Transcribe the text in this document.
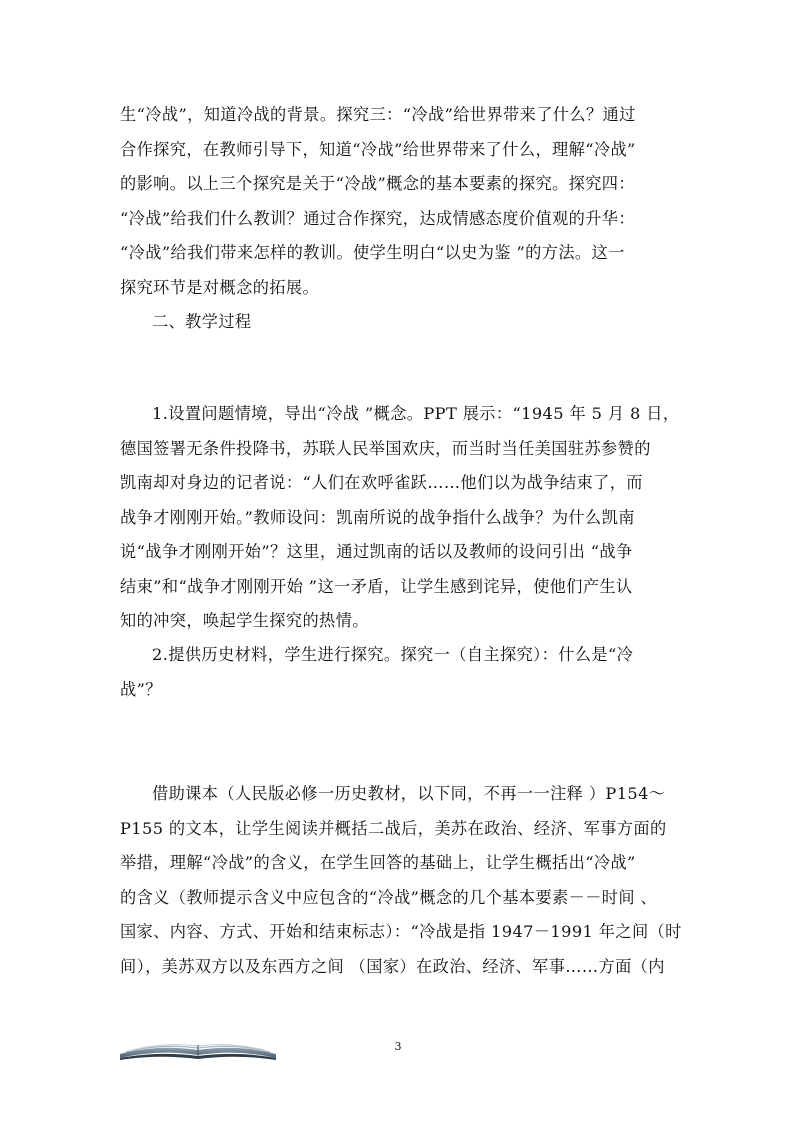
生“冷战”，知道冷战的背景。探究三：“冷战”给世界带来了什么？通过
合作探究，在教师引导下，知道“冷战”给世界带来了什么，理解“冷战”
的影响。以上三个探究是关于“冷战”概念的基本要素的探究。探究四：
“冷战”给我们什么教训？通过合作探究，达成情感态度价值观的升华：
“冷战”给我们带来怎样的教训。使学生明白“以史为鉴 ”的方法。这一
探究环节是对概念的拓展。

二、教学过程

1.设置问题情境，导出“冷战 ”概念。PPT 展示：“1945 年 5 月 8 日，
德国签署无条件投降书，苏联人民举国欢庆，而当时当任美国驻苏参赞的
凯南却对身边的记者说：“人们在欢呼雀跃……他们以为战争结束了，而
战争才刚刚开始。”教师设问：凯南所说的战争指什么战争？为什么凯南
说“战争才刚刚开始”？这里，通过凯南的话以及教师的设问引出 “战争
结束”和“战争才刚刚开始 ”这一矛盾，让学生感到诧异，使他们产生认
知的冲突，唤起学生探究的热情。

2.提供历史材料，学生进行探究。探究一（自主探究）：什么是“冷
战”？

借助课本（人民版必修一历史教材，以下同，不再一一注释 ）P154～
P155 的文本，让学生阅读并概括二战后，美苏在政治、经济、军事方面的
举措，理解“冷战”的含义，在学生回答的基础上，让学生概括出“冷战”
的含义（教师提示含义中应包含的“冷战”概念的几个基本要素－－时间 、
国家、内容、方式、开始和结束标志）：“冷战是指 1947－1991 年之间（时
间），美苏双方以及东西方之间 （国家）在政治、经济、军事……方面（内

3
